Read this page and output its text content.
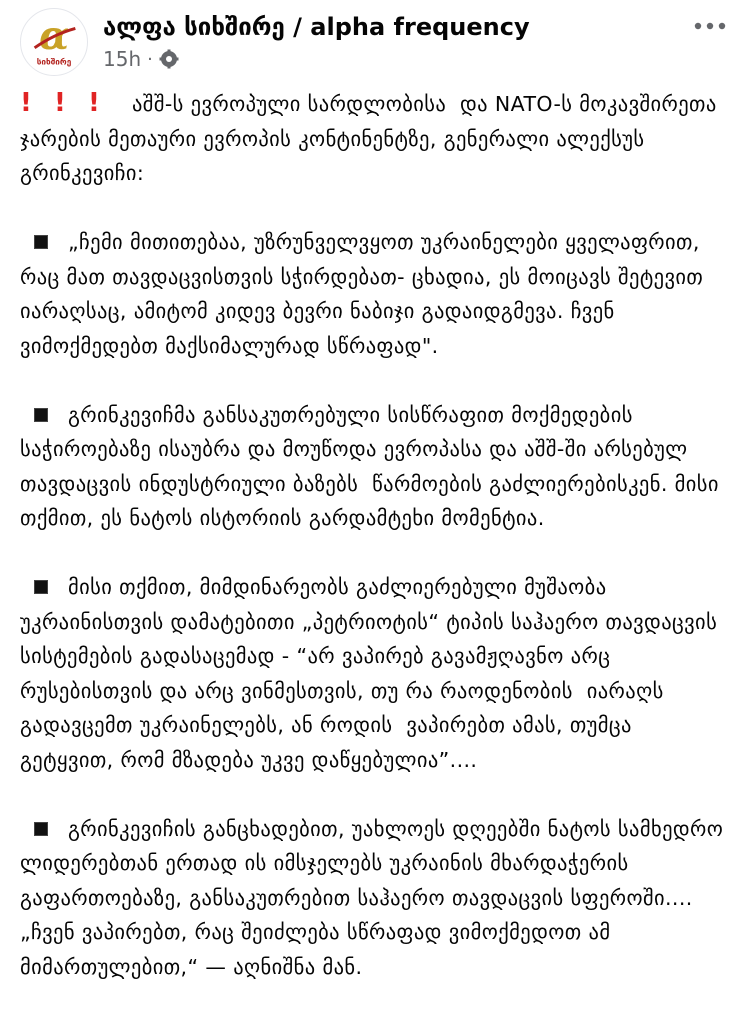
α
სიხშირე
ალფა სიხშირე / alpha frequency
15h ·

! ! ! აშშ-ს ევროპული სარდლობისა  და NATO-ს მოკავშირეთა ჯარების მეთაური ევროპის კონტინენტზე, გენერალი ალექსუს გრინკევიჩი:

„ჩემი მითითებაა, უზრუნველვყოთ უკრაინელები ყველაფრით, რაც მათ თავდაცვისთვის სჭირდებათ- ცხადია, ეს მოიცავს შეტევით იარაღსაც, ამიტომ კიდევ ბევრი ნაბიჯი გადაიდგმევა. ჩვენ ვიმოქმედებთ მაქსიმალურად სწრაფად".

გრინკევიჩმა განსაკუთრებული სისწრაფით მოქმედების საჭიროებაზე ისაუბრა და მოუწოდა ევროპასა და აშშ-ში არსებულ თავდაცვის ინდუსტრიული ბაზებს  წარმოების გაძლიერებისკენ. მისი თქმით, ეს ნატოს ისტორიის გარდამტეხი მომენტია.

მისი თქმით, მიმდინარეობს გაძლიერებული მუშაობა უკრაინისთვის დამატებითი „პეტრიოტის“ ტიპის საჰაერო თავდაცვის სისტემების გადასაცემად - “არ ვაპირებ გავამჟღავნო არც რუსებისთვის და არც ვინმესთვის, თუ რა რაოდენობის  იარაღს გადავცემთ უკრაინელებს, ან როდის  ვაპირებთ ამას, თუმცა გეტყვით, რომ მზადება უკვე დაწყებულია”....

გრინკევიჩის განცხადებით, უახლოეს დღეებში ნატოს სამხედრო ლიდერებთან ერთად ის იმსჯელებს უკრაინის მხარდაჭერის გაფართოებაზე, განსაკუთრებით საჰაერო თავდაცვის სფეროში.... „ჩვენ ვაპირებთ, რაც შეიძლება სწრაფად ვიმოქმედოთ ამ მიმართულებით,“ — აღნიშნა მან.
